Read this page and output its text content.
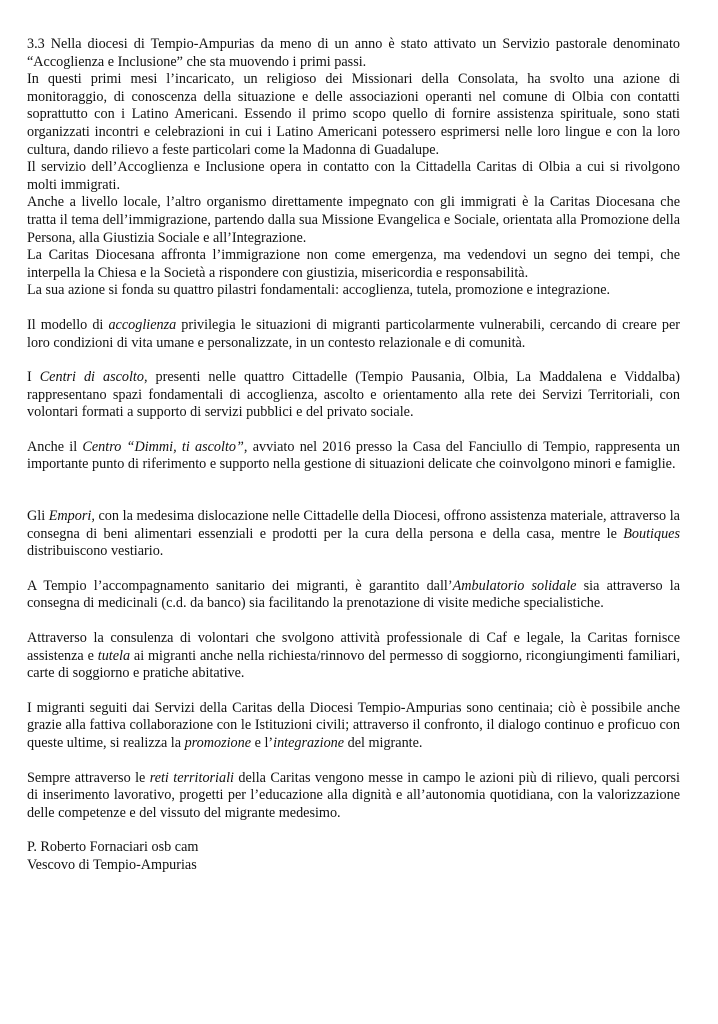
3.3 Nella diocesi di Tempio-Ampurias da meno di un anno è stato attivato un Servizio pastorale denominato “Accoglienza e Inclusione” che sta muovendo i primi passi.

In questi primi mesi l’incaricato, un religioso dei Missionari della Consolata, ha svolto una azione di monitoraggio, di conoscenza della situazione e delle associazioni operanti nel comune di Olbia con contatti soprattutto con i Latino Americani. Essendo il primo scopo quello di fornire assistenza spirituale, sono stati organizzati incontri e celebrazioni in cui i Latino Americani potessero esprimersi nelle loro lingue e con la loro cultura, dando rilievo a feste particolari come la Madonna di Guadalupe.

Il servizio dell’Accoglienza e Inclusione opera in contatto con la Cittadella Caritas di Olbia a cui si rivolgono molti immigrati.

Anche a livello locale, l’altro organismo direttamente impegnato con gli immigrati è la Caritas Diocesana che tratta il tema dell’immigrazione, partendo dalla sua Missione Evangelica e Sociale, orientata alla Promozione della Persona, alla Giustizia Sociale e all’Integrazione.

La Caritas Diocesana affronta l’immigrazione non come emergenza, ma vedendovi un segno dei tempi, che interpella la Chiesa e la Società a rispondere con giustizia, misericordia e responsabilità.

La sua azione si fonda su quattro pilastri fondamentali: accoglienza, tutela, promozione e integrazione.

Il modello di accoglienza privilegia le situazioni di migranti particolarmente vulnerabili, cercando di creare per loro condizioni di vita umane e personalizzate, in un contesto relazionale e di comunità.

I Centri di ascolto, presenti nelle quattro Cittadelle (Tempio Pausania, Olbia, La Maddalena e Viddalba) rappresentano spazi fondamentali di accoglienza, ascolto e orientamento alla rete dei Servizi Territoriali, con volontari formati a supporto di servizi pubblici e del privato sociale.

Anche il Centro “Dimmi, ti ascolto”, avviato nel 2016 presso la Casa del Fanciullo di Tempio, rappresenta un importante punto di riferimento e supporto nella gestione di situazioni delicate che coinvolgono minori e famiglie.

Gli Empori, con la medesima dislocazione nelle Cittadelle della Diocesi, offrono assistenza materiale, attraverso la consegna di beni alimentari essenziali e prodotti per la cura della persona e della casa, mentre le Boutiques distribuiscono vestiario.

A Tempio l’accompagnamento sanitario dei migranti, è garantito dall’Ambulatorio solidale sia attraverso la consegna di medicinali (c.d. da banco) sia facilitando la prenotazione di visite mediche specialistiche.

Attraverso la consulenza di volontari che svolgono attività professionale di Caf e legale, la Caritas fornisce assistenza e tutela ai migranti anche nella richiesta/rinnovo del permesso di soggiorno, ricongiungimenti familiari, carte di soggiorno e pratiche abitative.

I migranti seguiti dai Servizi della Caritas della Diocesi Tempio-Ampurias sono centinaia; ciò è possibile anche grazie alla fattiva collaborazione con le Istituzioni civili; attraverso il confronto, il dialogo continuo e proficuo con queste ultime, si realizza la promozione e l’integrazione del migrante.

Sempre attraverso le reti territoriali della Caritas vengono messe in campo le azioni più di rilievo, quali percorsi di inserimento lavorativo, progetti per l’educazione alla dignità e all’autonomia quotidiana, con la valorizzazione delle competenze e del vissuto del migrante medesimo.

P. Roberto Fornaciari osb cam
Vescovo di Tempio-Ampurias
